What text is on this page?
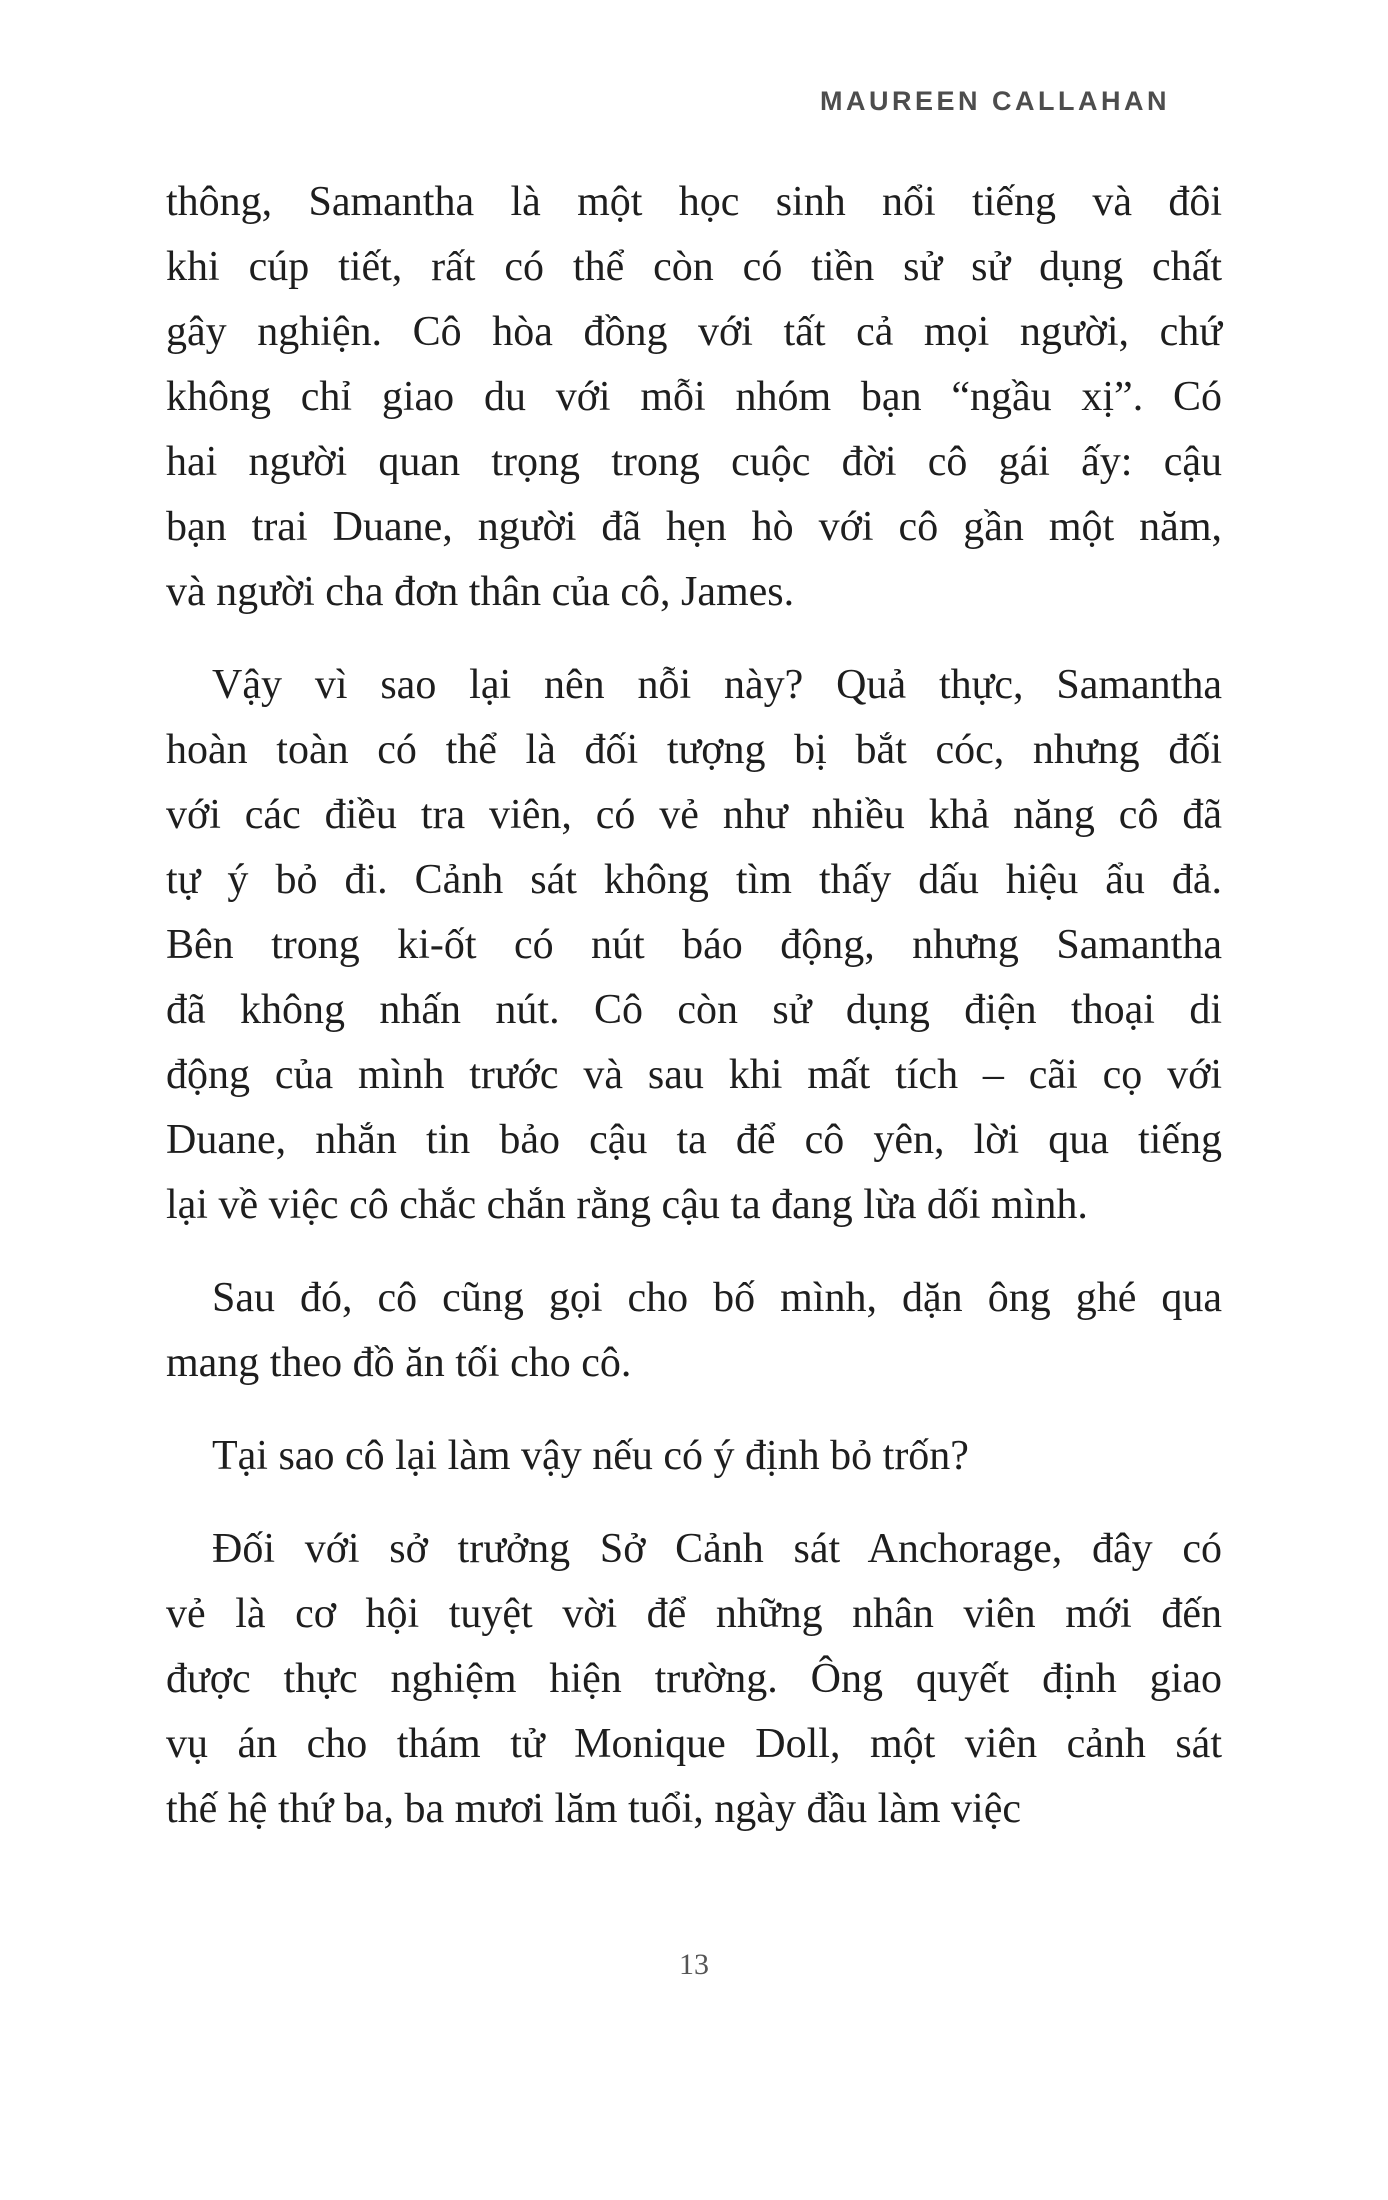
MAUREEN CALLAHAN
thông, Samantha là một học sinh nổi tiếng và đôi
khi cúp tiết, rất có thể còn có tiền sử sử dụng chất
gây nghiện. Cô hòa đồng với tất cả mọi người, chứ
không chỉ giao du với mỗi nhóm bạn “ngầu xị”. Có
hai người quan trọng trong cuộc đời cô gái ấy: cậu
bạn trai Duane, người đã hẹn hò với cô gần một năm,
và người cha đơn thân của cô, James.
Vậy vì sao lại nên nỗi này? Quả thực, Samantha
hoàn toàn có thể là đối tượng bị bắt cóc, nhưng đối
với các điều tra viên, có vẻ như nhiều khả năng cô đã
tự ý bỏ đi. Cảnh sát không tìm thấy dấu hiệu ẩu đả.
Bên trong ki-ốt có nút báo động, nhưng Samantha
đã không nhấn nút. Cô còn sử dụng điện thoại di
động của mình trước và sau khi mất tích – cãi cọ với
Duane, nhắn tin bảo cậu ta để cô yên, lời qua tiếng
lại về việc cô chắc chắn rằng cậu ta đang lừa dối mình.
Sau đó, cô cũng gọi cho bố mình, dặn ông ghé qua
mang theo đồ ăn tối cho cô.
Tại sao cô lại làm vậy nếu có ý định bỏ trốn?
Đối với sở trưởng Sở Cảnh sát Anchorage, đây có
vẻ là cơ hội tuyệt vời để những nhân viên mới đến
được thực nghiệm hiện trường. Ông quyết định giao
vụ án cho thám tử Monique Doll, một viên cảnh sát
thế hệ thứ ba, ba mươi lăm tuổi, ngày đầu làm việc
13
